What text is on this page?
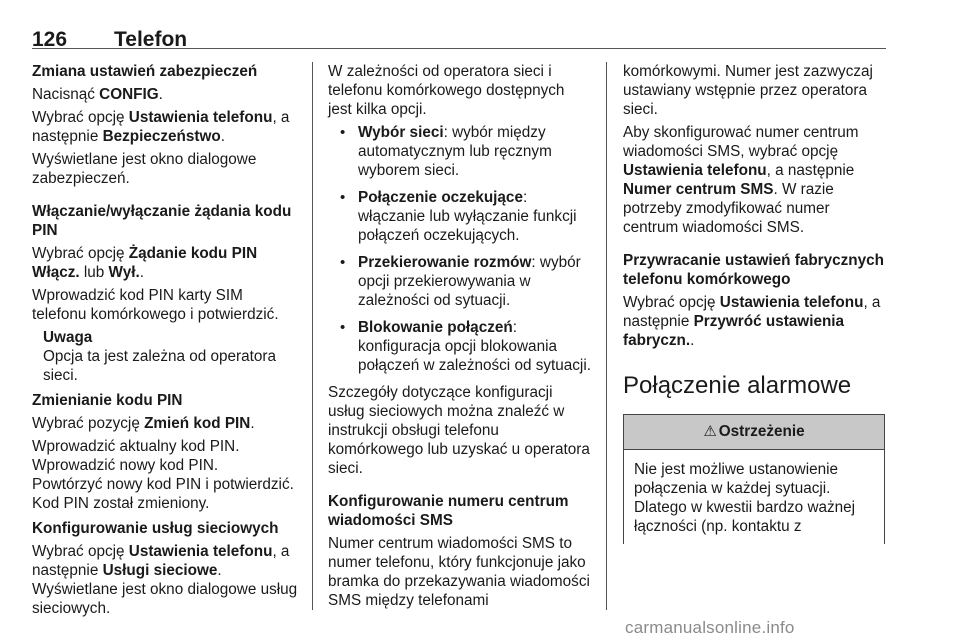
126 Telefon

Zmiana ustawień zabezpieczeń

Nacisnąć CONFIG.

Wybrać opcję Ustawienia telefonu, a następnie Bezpieczeństwo.

Wyświetlane jest okno dialogowe zabezpieczeń.

Włączanie/wyłączanie żądania kodu PIN

Wybrać opcję Żądanie kodu PIN Włącz. lub Wył..

Wprowadzić kod PIN karty SIM telefonu komórkowego i potwierdzić.

Uwaga
Opcja ta jest zależna od operatora sieci.

Zmienianie kodu PIN

Wybrać pozycję Zmień kod PIN.

Wprowadzić aktualny kod PIN.

Wprowadzić nowy kod PIN.

Powtórzyć nowy kod PIN i potwierdzić. Kod PIN został zmieniony.

Konfigurowanie usług sieciowych

Wybrać opcję Ustawienia telefonu, a następnie Usługi sieciowe.

Wyświetlane jest okno dialogowe usług sieciowych.

W zależności od operatora sieci i telefonu komórkowego dostępnych jest kilka opcji.

• Wybór sieci: wybór między automatycznym lub ręcznym wyborem sieci.
• Połączenie oczekujące: włączanie lub wyłączanie funkcji połączeń oczekujących.
• Przekierowanie rozmów: wybór opcji przekierowywania w zależności od sytuacji.
• Blokowanie połączeń: konfiguracja opcji blokowania połączeń w zależności od sytuacji.

Szczegóły dotyczące konfiguracji usług sieciowych można znaleźć w instrukcji obsługi telefonu komórkowego lub uzyskać u operatora sieci.

Konfigurowanie numeru centrum wiadomości SMS

Numer centrum wiadomości SMS to numer telefonu, który funkcjonuje jako bramka do przekazywania wiadomości SMS między telefonami

komórkowymi. Numer jest zazwyczaj ustawiany wstępnie przez operatora sieci.

Aby skonfigurować numer centrum wiadomości SMS, wybrać opcję Ustawienia telefonu, a następnie Numer centrum SMS. W razie potrzeby zmodyfikować numer centrum wiadomości SMS.

Przywracanie ustawień fabrycznych telefonu komórkowego

Wybrać opcję Ustawienia telefonu, a następnie Przywróć ustawienia fabryczn..

Połączenie alarmowe
⚠ Ostrzeżenie
Nie jest możliwe ustanowienie połączenia w każdej sytuacji. Dlatego w kwestii bardzo ważnej łączności (np. kontaktu z
carmanualsonline.info
